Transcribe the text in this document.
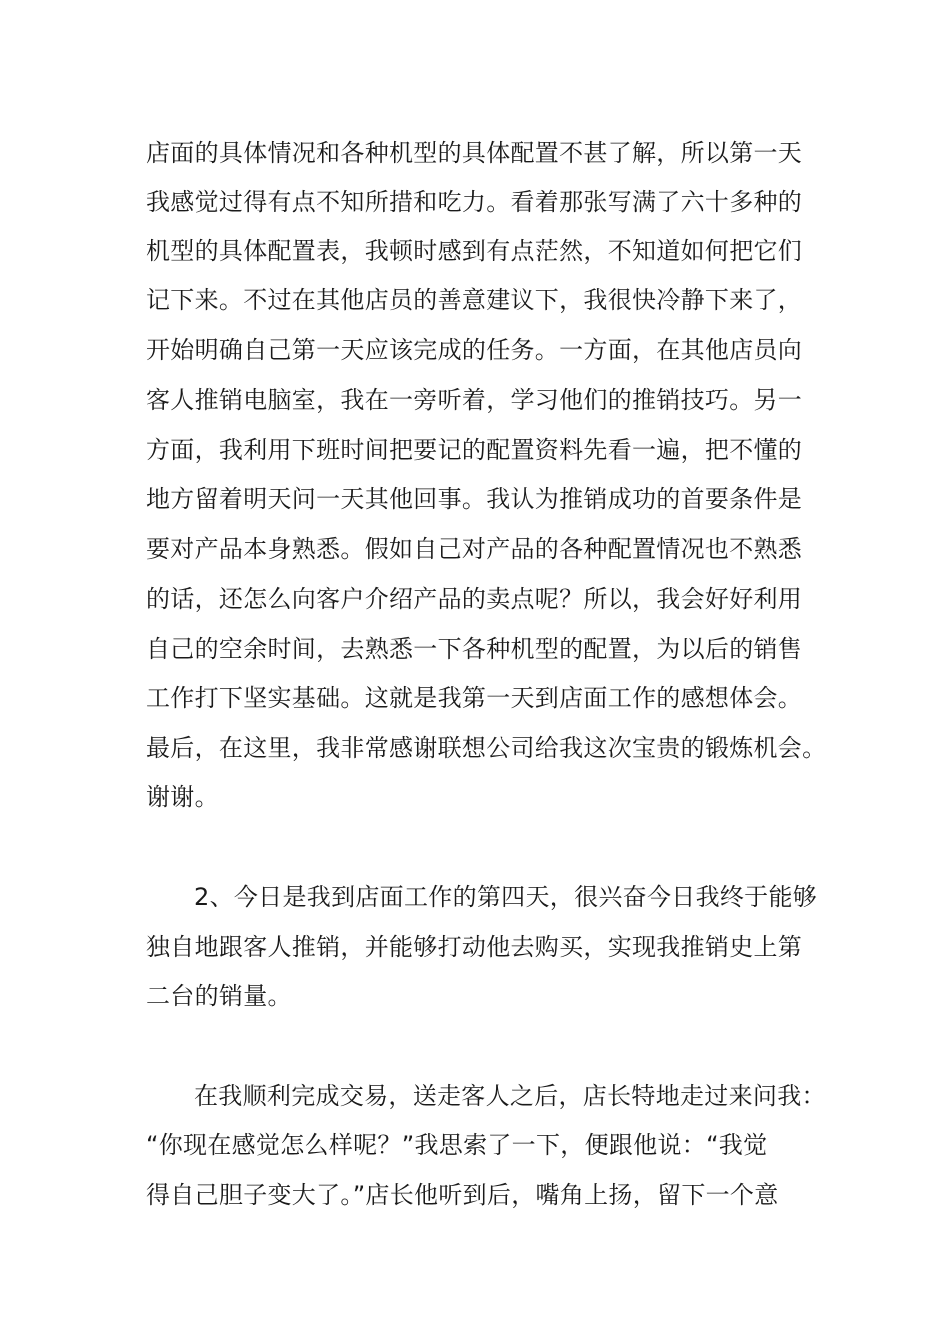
店面的具体情况和各种机型的具体配置不甚了解，所以第一天
我感觉过得有点不知所措和吃力。看着那张写满了六十多种的
机型的具体配置表，我顿时感到有点茫然，不知道如何把它们
记下来。不过在其他店员的善意建议下，我很快冷静下来了，
开始明确自己第一天应该完成的任务。一方面，在其他店员向
客人推销电脑室，我在一旁听着，学习他们的推销技巧。另一
方面，我利用下班时间把要记的配置资料先看一遍，把不懂的
地方留着明天问一天其他回事。我认为推销成功的首要条件是
要对产品本身熟悉。假如自己对产品的各种配置情况也不熟悉
的话，还怎么向客户介绍产品的卖点呢？所以，我会好好利用
自己的空余时间，去熟悉一下各种机型的配置，为以后的销售
工作打下坚实基础。这就是我第一天到店面工作的感想体会。
最后，在这里，我非常感谢联想公司给我这次宝贵的锻炼机会。
谢谢。
2、今日是我到店面工作的第四天，很兴奋今日我终于能够
独自地跟客人推销，并能够打动他去购买，实现我推销史上第
二台的销量。
在我顺利完成交易，送走客人之后，店长特地走过来问我：
“你现在感觉怎么样呢？”我思索了一下，便跟他说：“我觉
得自己胆子变大了。”店长他听到后，嘴角上扬，留下一个意
